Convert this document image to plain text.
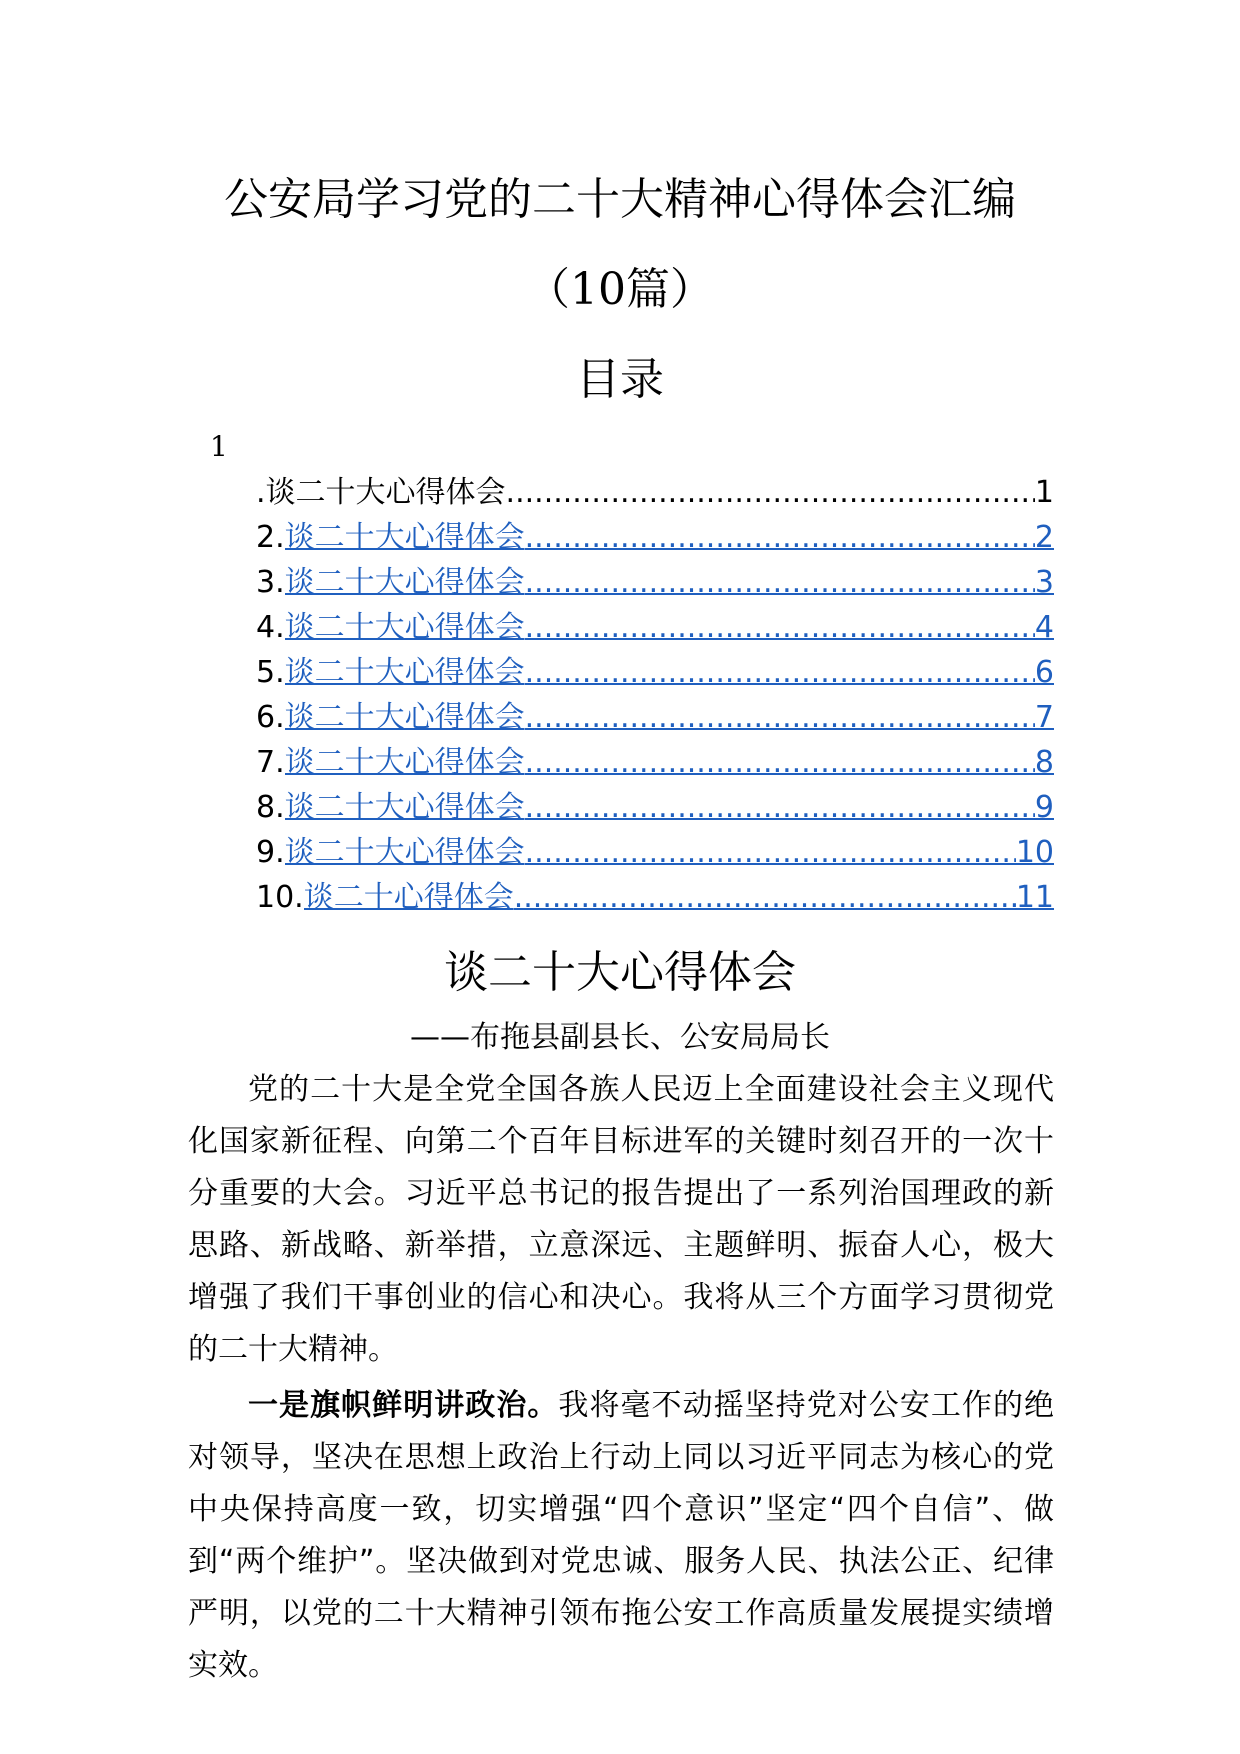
公安局学习党的二十大精神心得体会汇编
（10篇）
目录
1
.谈二十大心得体会 .....	1
2. 谈二十大心得体会 .....	2
3. 谈二十大心得体会 .....	3
4. 谈二十大心得体会 .....	4
5. 谈二十大心得体会 .....	6
6. 谈二十大心得体会 .....	7
7. 谈二十大心得体会 .....	8
8. 谈二十大心得体会 .....	9
9. 谈二十大心得体会 .....	10
10. 谈二十心得体会 .....	11
谈二十大心得体会
——布拖县副县长、公安局局长

党的二十大是全党全国各族人民迈上全面建设社会主义现代化国家新征程、向第二个百年目标进军的关键时刻召开的一次十分重要的大会。习近平总书记的报告提出了一系列治国理政的新思路、新战略、新举措，立意深远、主题鲜明、振奋人心，极大增强了我们干事创业的信心和决心。我将从三个方面学习贯彻党的二十大精神。

一是旗帜鲜明讲政治。我将毫不动摇坚持党对公安工作的绝对领导，坚决在思想上政治上行动上同以习近平同志为核心的党中央保持高度一致，切实增强“四个意识”坚定“四个自信”、做到“两个维护”。坚决做到对党忠诚、服务人民、执法公正、纪律严明，以党的二十大精神引领布拖公安工作高质量发展提实绩增实效。
